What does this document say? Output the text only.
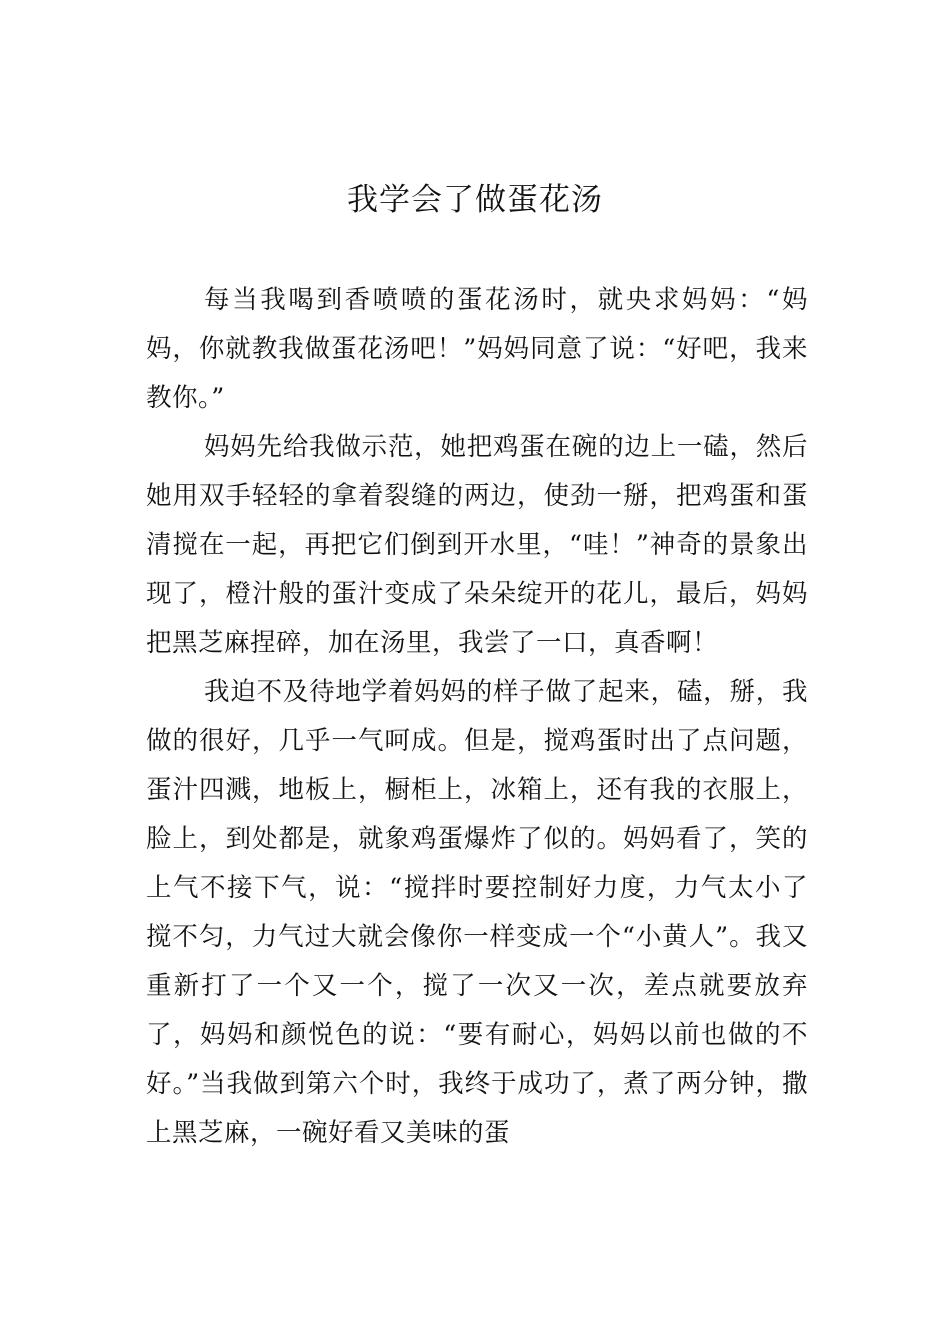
我学会了做蛋花汤

每当我喝到香喷喷的蛋花汤时，就央求妈妈：“妈妈，你就教我做蛋花汤吧！”妈妈同意了说：“好吧，我来教你。”

妈妈先给我做示范，她把鸡蛋在碗的边上一磕，然后她用双手轻轻的拿着裂缝的两边，使劲一掰，把鸡蛋和蛋清搅在一起，再把它们倒到开水里，“哇！”神奇的景象出现了，橙汁般的蛋汁变成了朵朵绽开的花儿，最后，妈妈把黑芝麻捏碎，加在汤里，我尝了一口，真香啊！

我迫不及待地学着妈妈的样子做了起来，磕，掰，我做的很好，几乎一气呵成。但是，搅鸡蛋时出了点问题，蛋汁四溅，地板上，橱柜上，冰箱上，还有我的衣服上，脸上，到处都是，就象鸡蛋爆炸了似的。妈妈看了，笑的上气不接下气，说：“搅拌时要控制好力度，力气太小了搅不匀，力气过大就会像你一样变成一个“小黄人”。我又重新打了一个又一个，搅了一次又一次，差点就要放弃了，妈妈和颜悦色的说：“要有耐心，妈妈以前也做的不好。”当我做到第六个时，我终于成功了，煮了两分钟，撒上黑芝麻，一碗好看又美味的蛋
